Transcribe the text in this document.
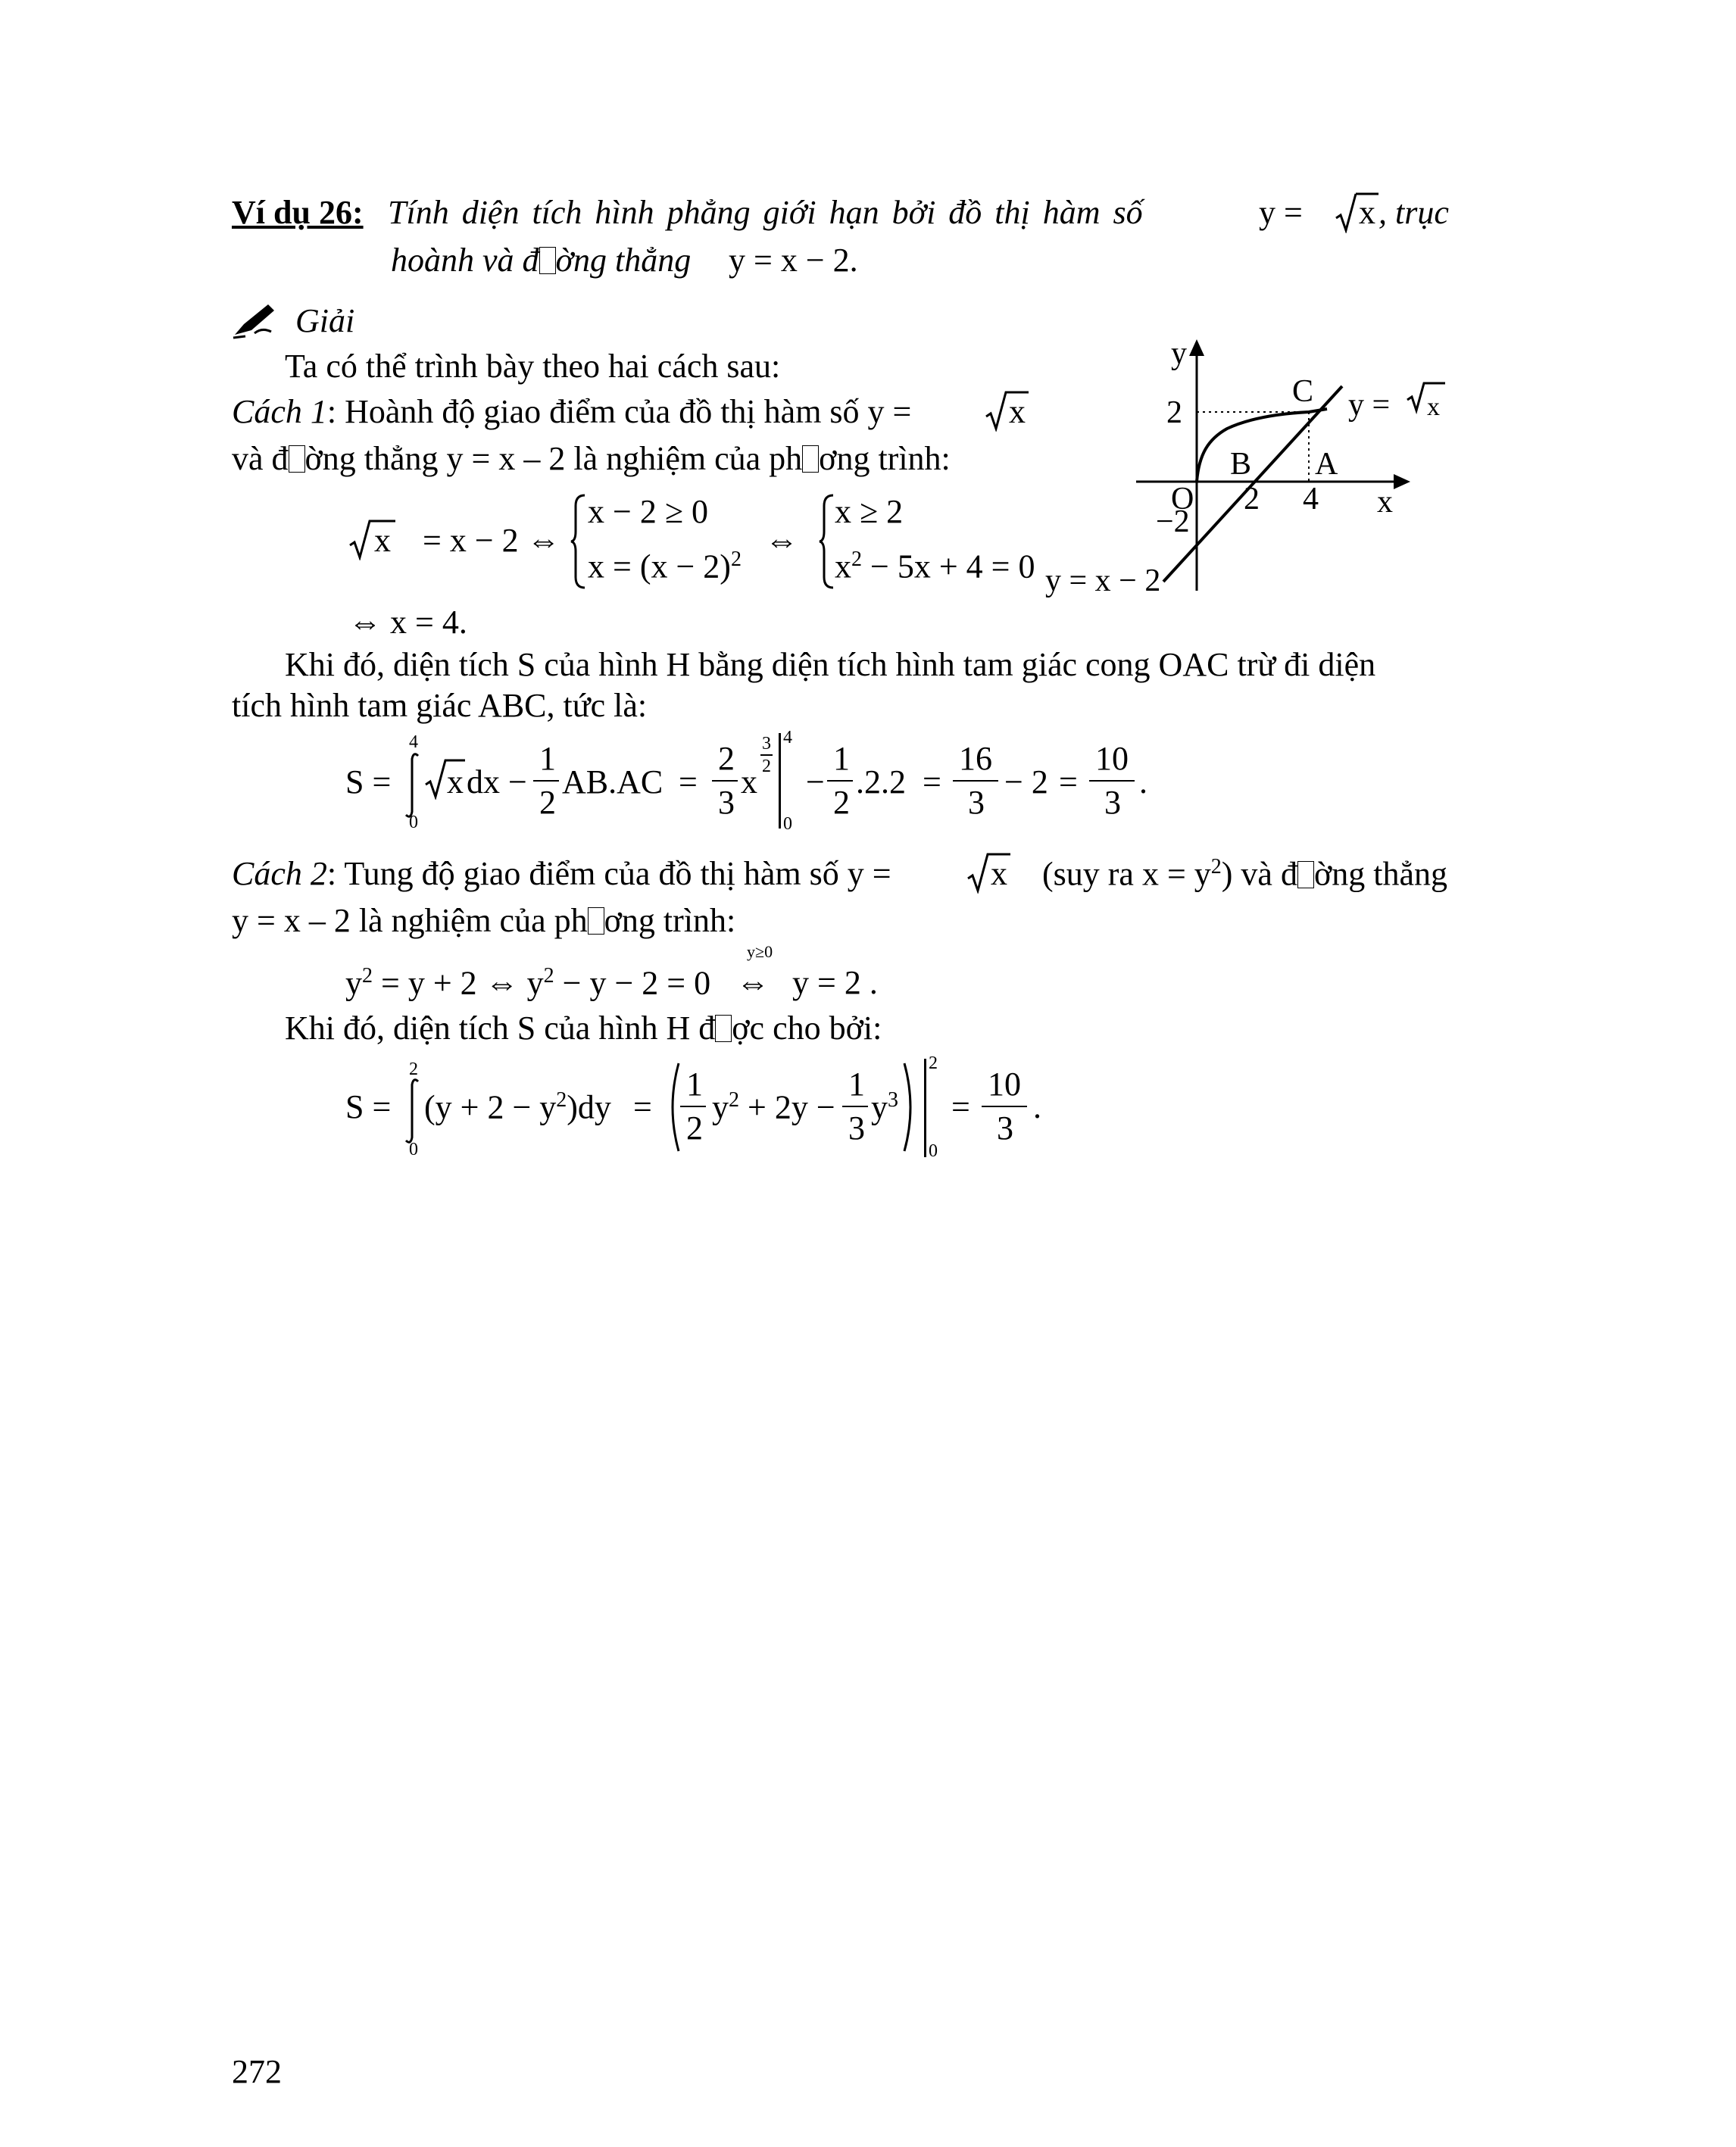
Ví dụ 26: Tính diện tích hình phẳng giới hạn bởi đồ thị hàm số	y = x , trục
hoành và đ ờng thẳng y = x − 2.
Giải
Ta có thể trình bày theo hai cách sau:
Cách 1: Hoành độ giao điểm của đồ thị hàm số y =	x
và đ ờng thẳng y = x – 2 là nghiệm của ph ơng trình:
x = x − 2 ⇔
x − 2 ≥ 0
$x = (x - 2)^2$
⇔
x ≥ 2
$x^2 - 5x + 4 = 0$
⇔ x = 4.
Khi đó, diện tích S của hình H bằng diện tích hình tam giác cong OAC trừ đi diện
tích hình tam giác ABC, tức là:
S =
4
0
x dx −
1
2
AB.AC =
2
3
x
3
2
4
0
−
1
2
.2.2 =
16
3
− 2 =
10
3
.
Cách 2: Tung độ giao điểm của đồ thị hàm số y =	x (suy ra $x = y^2$) và đ ờng thẳng
y = x – 2 là nghiệm của ph ơng trình:
$y^2 = y + 2$ ⇔ $y^2 - y - 2 = 0$
y≥0
⇔ y = 2 .
Khi đó, diện tích S của hình H đ ợc cho bởi:
S =
2
0
$(y + 2 - y^2)dy$ =
1
2
$y^2 + 2y$ −
1
3
$y^3$
2
0
=
10
3
.
y
x
O
2
−2
2 4
B A
C y = x
y = x − 2
272
